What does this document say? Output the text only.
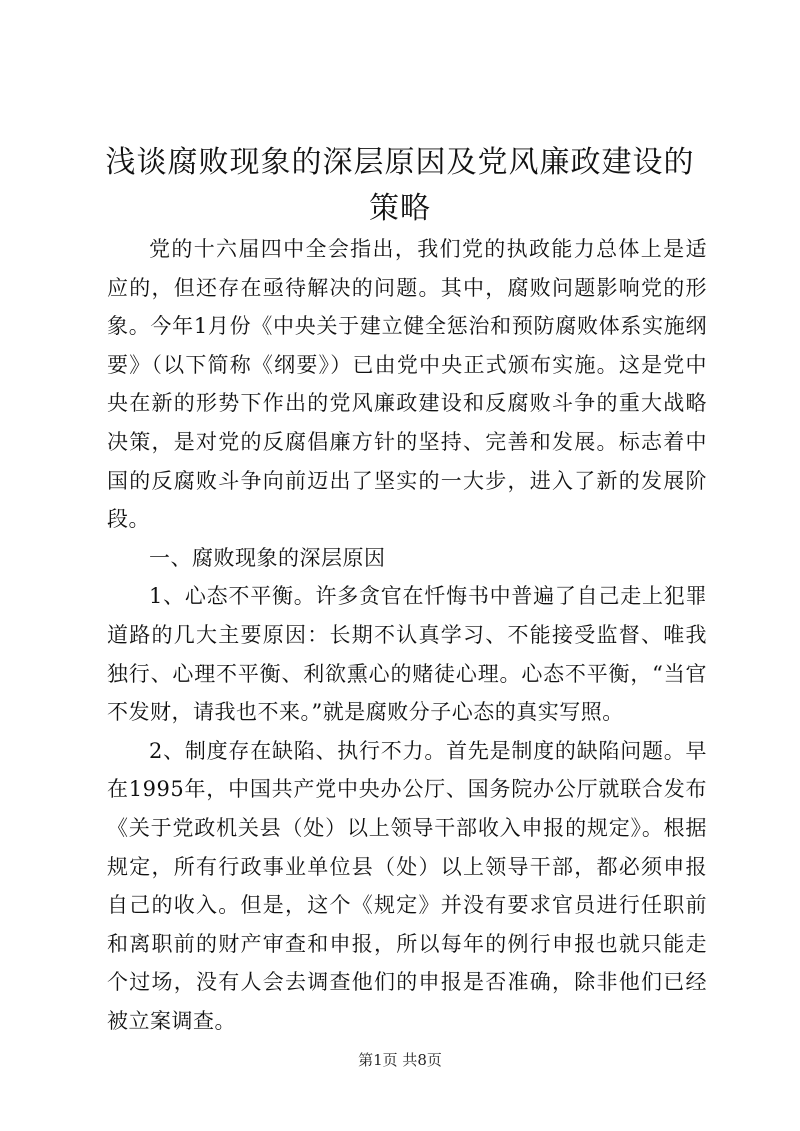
浅谈腐败现象的深层原因及党风廉政建设的策略

党的十六届四中全会指出，我们党的执政能力总体上是适应的，但还存在亟待解决的问题。其中，腐败问题影响党的形象。今年1月份《中央关于建立健全惩治和预防腐败体系实施纲要》（以下简称《纲要》）已由党中央正式颁布实施。这是党中央在新的形势下作出的党风廉政建设和反腐败斗争的重大战略决策，是对党的反腐倡廉方针的坚持、完善和发展。标志着中国的反腐败斗争向前迈出了坚实的一大步，进入了新的发展阶段。

一、腐败现象的深层原因

1、心态不平衡。许多贪官在忏悔书中普遍了自己走上犯罪道路的几大主要原因：长期不认真学习、不能接受监督、唯我独行、心理不平衡、利欲熏心的赌徒心理。心态不平衡，“当官不发财，请我也不来。”就是腐败分子心态的真实写照。

2、制度存在缺陷、执行不力。首先是制度的缺陷问题。早在1995年，中国共产党中央办公厅、国务院办公厅就联合发布《关于党政机关县（处）以上领导干部收入申报的规定》。根据规定，所有行政事业单位县（处）以上领导干部，都必须申报自己的收入。但是，这个《规定》并没有要求官员进行任职前和离职前的财产审查和申报，所以每年的例行申报也就只能走个过场，没有人会去调查他们的申报是否准确，除非他们已经被立案调查。

第1页 共8页
